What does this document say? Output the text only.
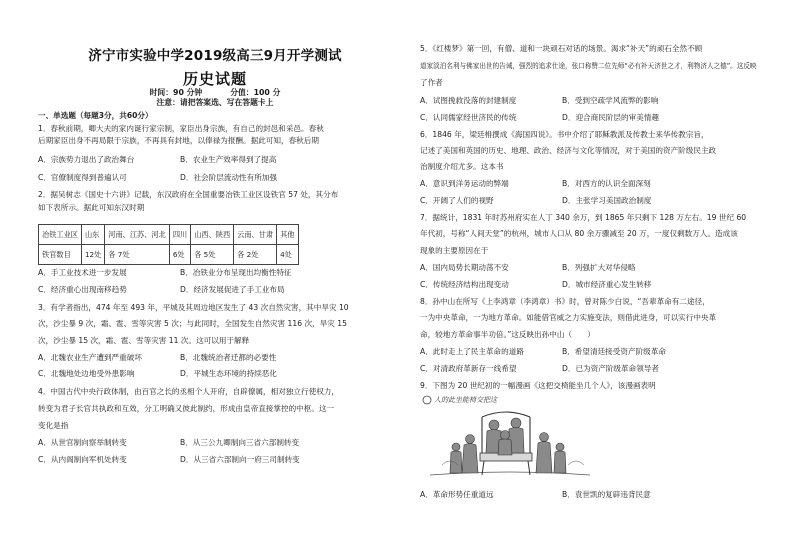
济宁市实验中学2019级高三9月开学测试
历史试题
时间：90 分钟	分值：100 分
注意：请把答案选、写在答题卡上
一、单选题（每题3分，共60分）
1．春秋前期，卿大夫的家内诞行家宗制，家臣出身宗族，有自己的封邑和采邑。春秋
后期家臣出身不再局限于宗族，不再具有封地，以俸禄为报酬。据此可知，春秋后期
A．宗族势力退出了政治舞台	B．农业生产效率得到了提高
C．官僚制度得到普遍认可	D．社会阶层流动性有所加强
2．据吴树志《国史十六讲》记载，东汉政府在全国重要冶铁工业区设铁官 57 处，其分布
如下表所示。据此可知东汉时期
冶铁工业区	山东	河南、江苏、河北	四川	山西、陕西	云南、甘肃	其他
铁官数目	12处	各 7处	6处	各 5处	各 2处	4处
A．手工业技术进一步发展	B．冶铁业分布呈现出均衡性特征
C．经济重心出现南移趋势	D．经济发展促进了手工业布局
3．有学者指出，474 年至 493 年，平城及其周边地区发生了 43 次自然灾害，其中旱灾 10
次，沙尘暴 9 次，霜、雹、雪等灾害 5 次；与此同时，全国发生自然灾害 116 次，旱灾 15
次，沙尘暴 15 次，霜、雹、雪等灾害 11 次。这可以用于解释
A．北魏农业生产遭到严重破坏	B．北魏统治者迁都的必要性
C．北魏地处边地受外患影响	D．平城生态环境的持续恶化
4．中国古代中央行政体制，由百官之长的丞相个人开府，自辟僚属，相对独立行使权力，
转变为君子长官共执政和互效，分工明确又彼此制约，形成由皇帝直接掌控的中枢。这一
变化是指
A．从世官制向察举制转变	B．从三公九卿制向三省六部制转变
C．从内阁制向军机处转变	D．从三省六部制向一府三司制转变
5．《红楼梦》第一回，有僧、道和一块顽石对话的场景。渴求“补天”的顽石全然不顾
道家淡泊名利与佛家出世的告诫，强烈的追求仕途，张口称赞二位先师“必有补天济世之才，利物济人之德”。这反映
了作者
A．试图挽救没落的封建制度	B．受到空疏学风流弊的影响
C．认同儒家经世济民的传统	D．迎合商民阶层的审美情趣
6．1846 年，梁廷枏撰成《海国四说》。书中介绍了耶稣教派及传教士来华传教宗旨，
记述了美国和英国的历史、地理、政治、经济与文化等情况，对于美国的资产阶级民主政
治制度介绍尤多。这本书
A．意识到洋务运动的弊端	B．对西方的认识全面深刻
C．开阔了人们的视野	D．主张学习美国政治制度
7．据统计，1831 年时苏州府实在人丁 340 余万，到 1865 年只剩下 128 万左右。19 世纪 60
年代初，号称“人间天堂”的杭州，城市人口从 80 余万骤减至 20 万，一度仅剩数万人。造成该
现象的主要原因在于
A．国内局势长期动荡不安	B．列强扩大对华侵略
C．传统经济结构出现变动	D．城市经济重心发生转移
8．孙中山在所写《上李鸿章（李鸿章）书》时，曾对陈少白说，“吾辈革命有二途径，
一为中央革命，一为地方革命。如能借官威之力实施变法，则借此进身，可以实行中央革
命，较地方革命事半功倍。”这反映出孙中山（　　）
A．此时走上了民主革命的道路	B．希望清廷接受资产阶级革命
C．对清政府革新存一线希望	D．已为资产阶级革命领导者
9．下图为 20 世纪初的一幅漫画《这把交椅能坐几个人》，该漫画表明
人的此坐能椅交把这
A．革命形势任重道远	B．袁世凯的复辟违背民意
